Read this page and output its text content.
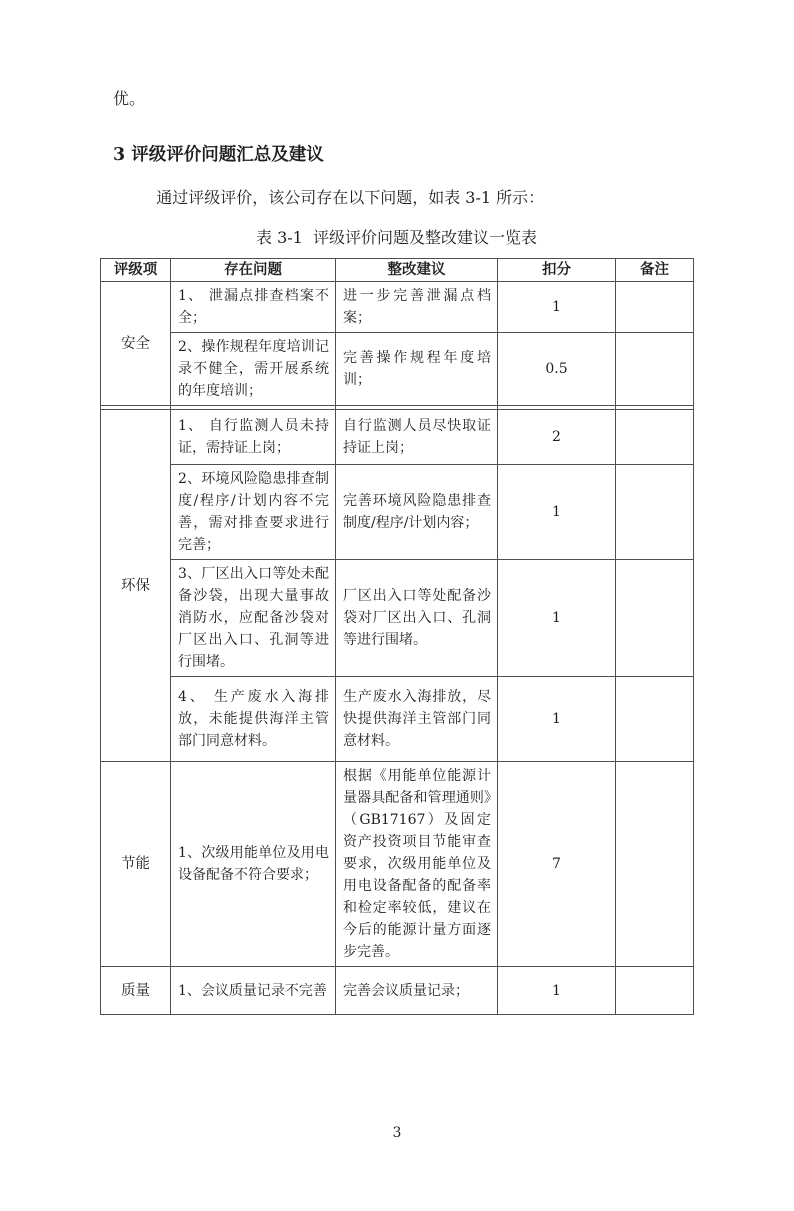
优。

3 评级评价问题汇总及建议

通过评级评价，该公司存在以下问题，如表 3-1 所示：

表 3-1  评级评价问题及整改建议一览表

评级项	存在问题	整改建议	扣分	备注
安全	1、 泄漏点排查档案不全；	进一步完善泄漏点档案；	1	
	2、操作规程年度培训记录不健全，需开展系统的年度培训；	完善操作规程年度培训；	0.5	

环保	1、 自行监测人员未持证，需持证上岗；	自行监测人员尽快取证持证上岗；	2	
	2、环境风险隐患排查制度/程序/计划内容不完善，需对排查要求进行完善；	完善环境风险隐患排查制度/程序/计划内容；	1	
	3、厂区出入口等处未配备沙袋，出现大量事故消防水，应配备沙袋对厂区出入口、孔洞等进行围堵。	厂区出入口等处配备沙袋对厂区出入口、孔洞等进行围堵。	1	
	4、 生产废水入海排放，未能提供海洋主管部门同意材料。	生产废水入海排放，尽快提供海洋主管部门同意材料。	1	
节能	1、次级用能单位及用电设备配备不符合要求；	根据《用能单位能源计量器具配备和管理通则》（GB17167）及固定资产投资项目节能审查要求，次级用能单位及用电设备配备的配备率和检定率较低，建议在今后的能源计量方面逐步完善。	7	
质量	1、会议质量记录不完善	完善会议质量记录；	1	
3
